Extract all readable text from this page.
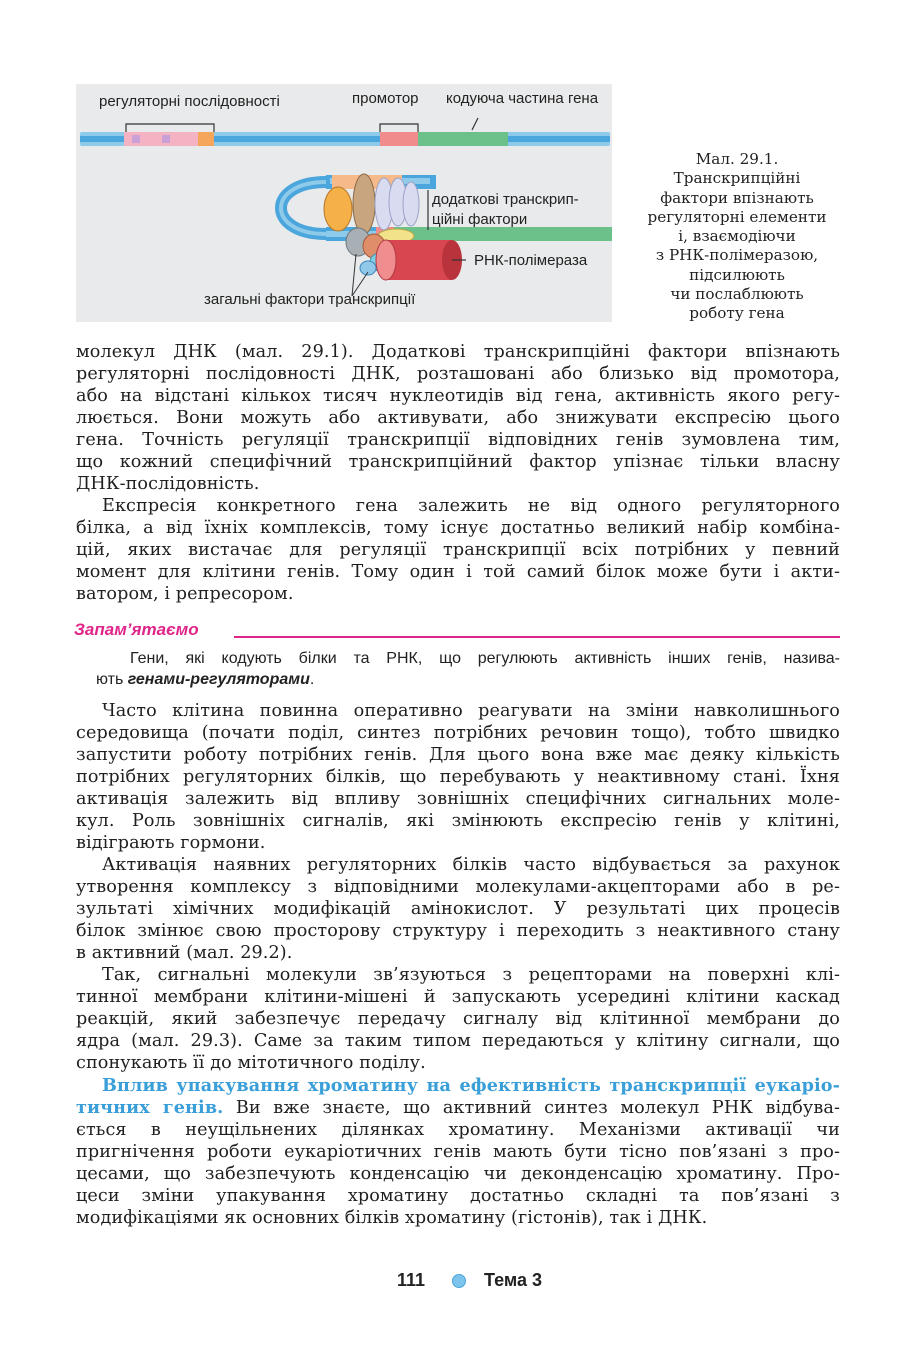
регуляторні послідовності	промотор кодуюча частина гена
додаткові транскрип-
ційні фактори
РНК-полімераза
загальні фактори транскрипції
Мал. 29.1.
Транскрипційні
фактори впізнають
регуляторні елементи
і, взаємодіючи
з РНК-полімеразою,
підсилюють
чи послаблюють
роботу гена
молекул ДНК (мал. 29.1). Додаткові транскрипційні фактори впізнають
регуляторні послідовності ДНК, розташовані або близько від промотора,
або на відстані кількох тисяч нуклеотидів від гена, активність якого регу-
люється. Вони можуть або активувати, або знижувати експресію цього
гена. Точність регуляції транскрипції відповідних генів зумовлена тим,
що кожний специфічний транскрипційний фактор упізнає тільки власну
ДНК-послідовність.
Експресія конкретного гена залежить не від одного регуляторного
білка, а від їхніх комплексів, тому існує достатньо великий набір комбіна-
цій, яких вистачає для регуляції транскрипції всіх потрібних у певний
момент для клітини генів. Тому один і той самий білок може бути і акти-
ватором, і репресором.
Запам’ятаємо
Гени, які кодують білки та РНК, що регулюють активність інших генів, назива-
ють генами-регуляторами.
Часто клітина повинна оперативно реагувати на зміни навколишнього
середовища (почати поділ, синтез потрібних речовин тощо), тобто швидко
запустити роботу потрібних генів. Для цього вона вже має деяку кількість
потрібних регуляторних білків, що перебувають у неактивному стані. Їхня
активація залежить від впливу зовнішніх специфічних сигнальних моле-
кул. Роль зовнішніх сигналів, які змінюють експресію генів у клітині,
відіграють гормони.
Активація наявних регуляторних білків часто відбувається за рахунок
утворення комплексу з відповідними молекулами-акцепторами або в ре-
зультаті хімічних модифікацій амінокислот. У результаті цих процесів
білок змінює свою просторову структуру і переходить з неактивного стану
в активний (мал. 29.2).
Так, сигнальні молекули зв’язуються з рецепторами на поверхні клі-
тинної мембрани клітини-мішені й запускають усередині клітини каскад
реакцій, який забезпечує передачу сигналу від клітинної мембрани до
ядра (мал. 29.3). Саме за таким типом передаються у клітину сигнали, що
спонукають її до мітотичного поділу.
Вплив упакування хроматину на ефективність транскрипції еукаріо-
тичних генів. Ви вже знаєте, що активний синтез молекул РНК відбува-
ється в неущільнених ділянках хроматину. Механізми активації чи
пригнічення роботи еукаріотичних генів мають бути тісно пов’язані з про-
цесами, що забезпечують конденсацію чи деконденсацію хроматину. Про-
цеси зміни упакування хроматину достатньо складні та пов’язані з
модифікаціями як основних білків хроматину (гістонів), так і ДНК.
111	Тема 3
